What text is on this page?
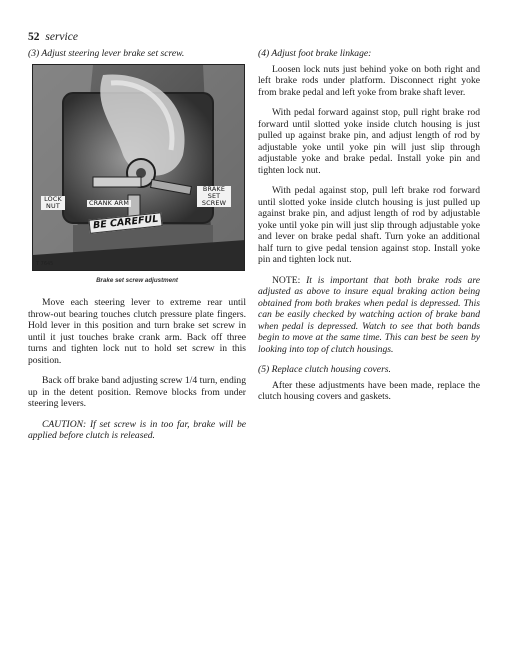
52 service
(3) Adjust steering lever brake set screw.
LOCK NUT	CRANK ARM
BRAKE SET SCREW
BE CAREFUL
T 7645
Brake set screw adjustment

Move each steering lever to extreme rear until throw-out bearing touches clutch pressure plate fingers. Hold lever in this position and turn brake set screw in until it just touches brake crank arm. Back off three turns and tighten lock nut to hold set screw in this position.

Back off brake band adjusting screw 1/4 turn, ending up in the detent position. Remove blocks from under steering levers.

CAUTION: If set screw is in too far, brake will be applied before clutch is released.

(4) Adjust foot brake linkage:

Loosen lock nuts just behind yoke on both right and left brake rods under platform. Disconnect right yoke from brake pedal and left yoke from brake shaft lever.

With pedal forward against stop, pull right brake rod forward until slotted yoke inside clutch housing is just pulled up against brake pin, and adjust length of rod by adjustable yoke until yoke pin will just slip through adjustable yoke and brake pedal. Install yoke pin and tighten lock nut.

With pedal against stop, pull left brake rod forward until slotted yoke inside clutch housing is just pulled up against brake pin, and adjust length of rod by adjustable yoke until yoke pin will just slip through adjustable yoke and lever on brake pedal shaft. Turn yoke an additional half turn to give pedal tension against stop. Install yoke pin and tighten lock nut.

NOTE: It is important that both brake rods are adjusted as above to insure equal braking action being obtained from both brakes when pedal is depressed. This can be easily checked by watching action of brake band when pedal is depressed. Watch to see that both bands begin to move at the same time. This can best be seen by looking into top of clutch housings.

(5) Replace clutch housing covers.

After these adjustments have been made, replace the clutch housing covers and gaskets.
